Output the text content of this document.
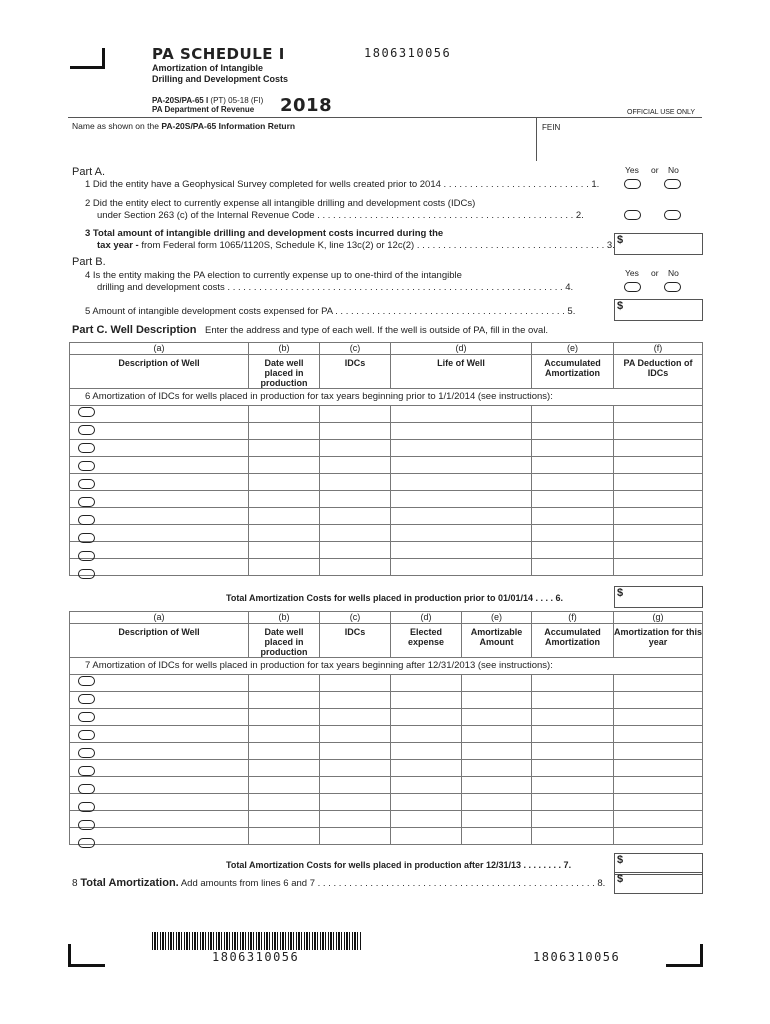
PA SCHEDULE I	1806310056
Amortization of Intangible
Drilling and Development Costs
PA-20S/PA-65 I (PT) 05-18 (FI)
PA Department of Revenue 2018	OFFICIAL USE ONLY
Name as shown on the PA-20S/PA-65 Information Return	FEIN
Part A.	Yes or No
1 Did the entity have a Geophysical Survey completed for wells created prior to 2014 . . . . . . . . . . . . . . . . . . . . . . . . . . . . 1.
2 Did the entity elect to currently expense all intangible drilling and development costs (IDCs)
under Section 263 (c) of the Internal Revenue Code . . . . . . . . . . . . . . . . . . . . . . . . . . . . . . . . . . . . . . . . . . . . . . . . . 2.
3 Total amount of intangible drilling and development costs incurred during the
tax year - from Federal form 1065/1120S, Schedule K, line 13c(2) or 12c(2) . . . . . . . . . . . . . . . . . . . . . . . . . . . . . . . . . . . . 3. $
Part B.
Yes or No
4 Is the entity making the PA election to currently expense up to one-third of the intangible
drilling and development costs . . . . . . . . . . . . . . . . . . . . . . . . . . . . . . . . . . . . . . . . . . . . . . . . . . . . . . . . . . . . . . . . 4.
5 Amount of intangible development costs expensed for PA . . . . . . . . . . . . . . . . . . . . . . . . . . . . . . . . . . . . . . . . . . . . 5.	$
Part C. Well Description Enter the address and type of each well. If the well is outside of PA, fill in the oval.
(a)	(b)	(c)	(d)	(e)	(f)
Description of Well	Date well placed in production	IDCs	Life of Well	Accumulated Amortization	PA Deduction of IDCs
6 Amortization of IDCs for wells placed in production for tax years beginning prior to 1/1/2014 (see instructions):					

Total Amortization Costs for wells placed in production prior to 01/01/14 . . . . 6.	$
(a)	(b)	(c)	(d)	(e)	(f)	(g)
Description of Well	Date well placed in production	IDCs	Elected expense	Amortizable Amount	Accumulated Amortization	Amortization for this year
7 Amortization of IDCs for wells placed in production for tax years beginning after 12/31/2013 (see instructions):						

Total Amortization Costs for wells placed in production after 12/31/13 . . . . . . . . 7.	$
8 Total Amortization. Add amounts from lines 6 and 7 . . . . . . . . . . . . . . . . . . . . . . . . . . . . . . . . . . . . . . . . . . . . . . . . . . . . . 8. $
1806310056	1806310056
